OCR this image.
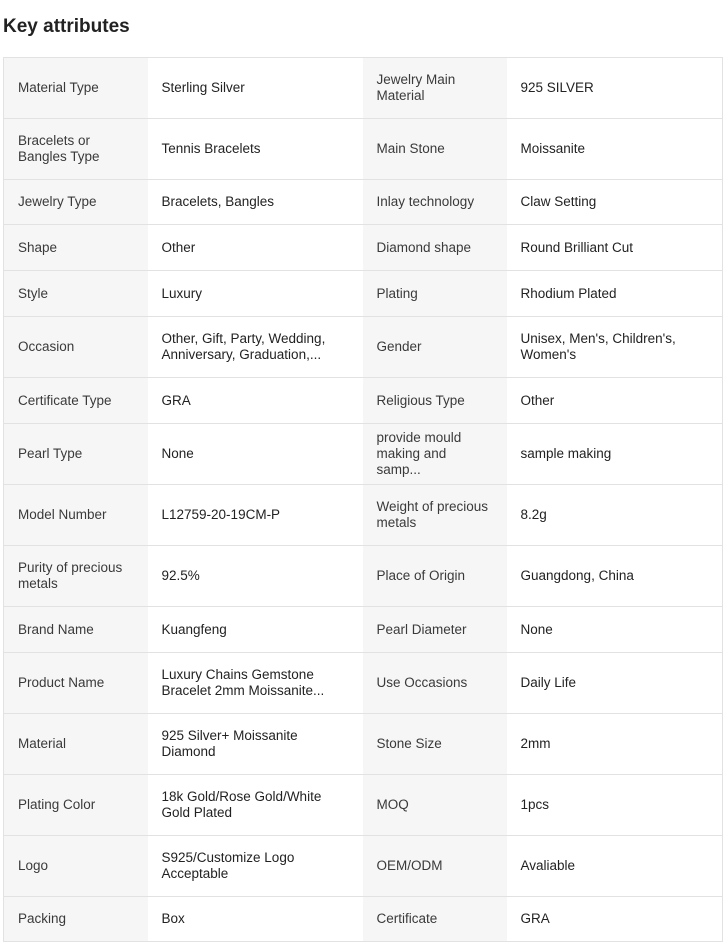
Key attributes
Material Type	Sterling Silver	Jewelry Main Material	925 SILVER
Bracelets or Bangles Type	Tennis Bracelets	Main Stone	Moissanite
Jewelry Type	Bracelets, Bangles	Inlay technology	Claw Setting
Shape	Other	Diamond shape	Round Brilliant Cut
Style	Luxury	Plating	Rhodium Plated
Occasion	Other, Gift, Party, Wedding, Anniversary, Graduation,...	Gender	Unisex, Men's, Children's, Women's
Certificate Type	GRA	Religious Type	Other
Pearl Type	None	provide mould making and samp...	sample making
Model Number	L12759-20-19CM-P	Weight of precious metals	8.2g
Purity of precious metals	92.5%	Place of Origin	Guangdong, China
Brand Name	Kuangfeng	Pearl Diameter	None
Product Name	Luxury Chains Gemstone Bracelet 2mm Moissanite...	Use Occasions	Daily Life
Material	925 Silver+ Moissanite Diamond	Stone Size	2mm
Plating Color	18k Gold/Rose Gold/White Gold Plated	MOQ	1pcs
Logo	S925/Customize Logo Acceptable	OEM/ODM	Avaliable
Packing	Box	Certificate	GRA
